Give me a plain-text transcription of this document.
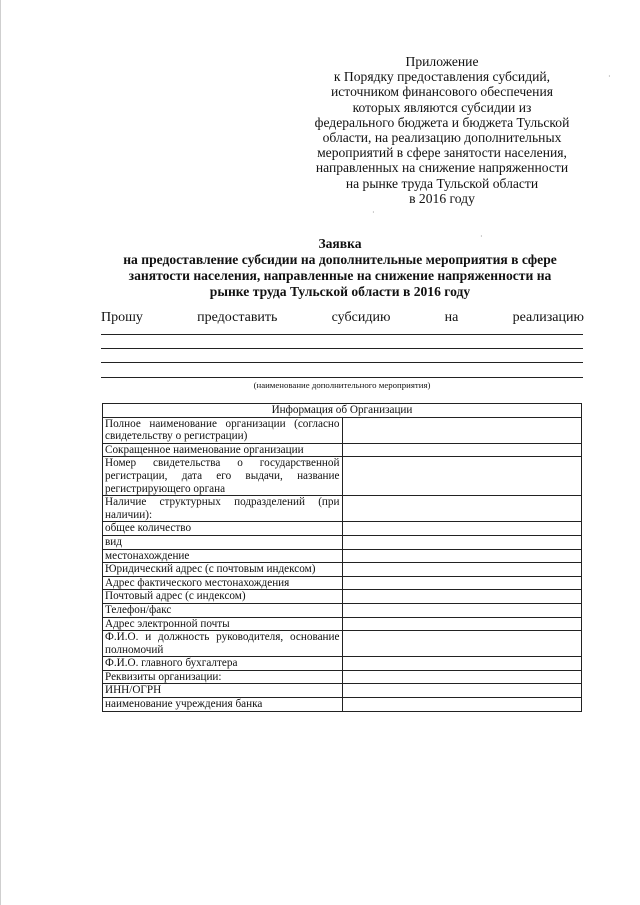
Приложение
к Порядку предоставления субсидий,
источником финансового обеспечения
которых являются субсидии из
федерального бюджета и бюджета Тульской
области, на реализацию дополнительных
мероприятий в сфере занятости населения,
направленных на снижение напряженности
на рынке труда Тульской области
в 2016 году
·
·
·
Заявка
на предоставление субсидии на дополнительные мероприятия в сфере
занятости населения, направленные на снижение напряженности на
рынке труда Тульской области в 2016 году
Прошу	предоставить	субсидию	на	реализацию
(наименование дополнительного мероприятия)
Информация об Организации	
Полное наименование организации (согласно свидетельству о регистрации)	
Сокращенное наименование организации	
Номер свидетельства о государственной регистрации, дата его выдачи, название регистрирующего органа	
Наличие структурных подразделений (при наличии):	
общее количество	
вид	
местонахождение	
Юридический адрес (с почтовым индексом)	
Адрес фактического местонахождения	
Почтовый адрес (с индексом)	
Телефон/факс	
Адрес электронной почты	
Ф.И.О. и должность руководителя, основание полномочий	
Ф.И.О. главного бухгалтера	
Реквизиты организации:	
ИНН/ОГРН	
наименование учреждения банка	
